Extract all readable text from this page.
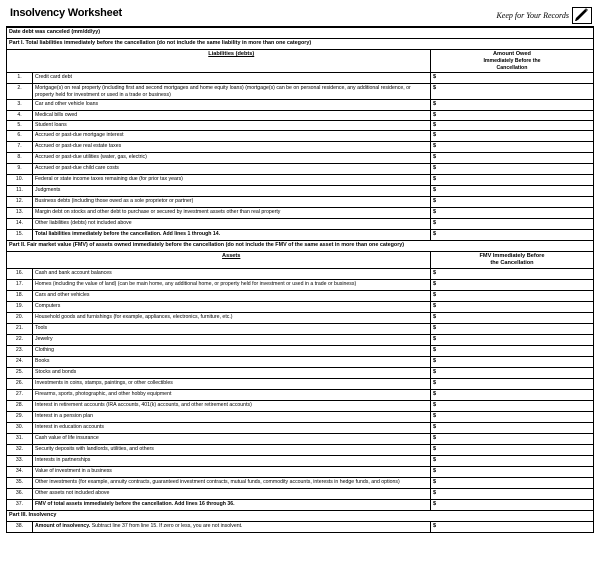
Insolvency Worksheet	Keep for Your Records
Date debt was canceled (mm/dd/yy)		
Part I. Total liabilities immediately before the cancellation (do not include the same liability in more than one category)		
	Liabilities (debts)	Amount Owed
Immediately Before the
Cancellation
1.	Credit card debt	$
2.	Mortgage(s) on real property (including first and second mortgages and home equity loans) (mortgage(s) can be on personal residence, any additional residence, or property held for investment or used in a trade or business)	$
3.	Car and other vehicle loans	$
4.	Medical bills owed	$
5.	Student loans	$
6.	Accrued or past-due mortgage interest	$
7.	Accrued or past-due real estate taxes	$
8.	Accrued or past-due utilities (water, gas, electric)	$
9.	Accrued or past-due child care costs	$
10.	Federal or state income taxes remaining due (for prior tax years)	$
11.	Judgments	$
12.	Business debts (including those owed as a sole proprietor or partner)	$
13.	Margin debt on stocks and other debt to purchase or secured by investment assets other than real property	$
14.	Other liabilities (debts) not included above	$
15.	Total liabilities immediately before the cancellation. Add lines 1 through 14.	$
Part II. Fair market value (FMV) of assets owned immediately before the cancellation (do not include the FMV of the same asset in more than one category)		
	Assets	FMV Immediately Before
the Cancellation
16.	Cash and bank account balances	$
17.	Homes (including the value of land) (can be main home, any additional home, or property held for investment or used in a trade or business)	$
18.	Cars and other vehicles	$
19.	Computers	$
20.	Household goods and furnishings (for example, appliances, electronics, furniture, etc.)	$
21.	Tools	$
22.	Jewelry	$
23.	Clothing	$
24.	Books	$
25.	Stocks and bonds	$
26.	Investments in coins, stamps, paintings, or other collectibles	$
27.	Firearms, sports, photographic, and other hobby equipment	$
28.	Interest in retirement accounts (IRA accounts, 401(k) accounts, and other retirement accounts)	$
29.	Interest in a pension plan	$
30.	Interest in education accounts	$
31.	Cash value of life insurance	$
32.	Security deposits with landlords, utilities, and others	$
33.	Interests in partnerships	$
34.	Value of investment in a business	$
35.	Other investments (for example, annuity contracts, guaranteed investment contracts, mutual funds, commodity accounts, interests in hedge funds, and options)	$
36.	Other assets not included above	$
37.	FMV of total assets immediately before the cancellation. Add lines 16 through 36.	$
Part III. Insolvency		
38.	Amount of insolvency. Subtract line 37 from line 15. If zero or less, you are not insolvent.	$
